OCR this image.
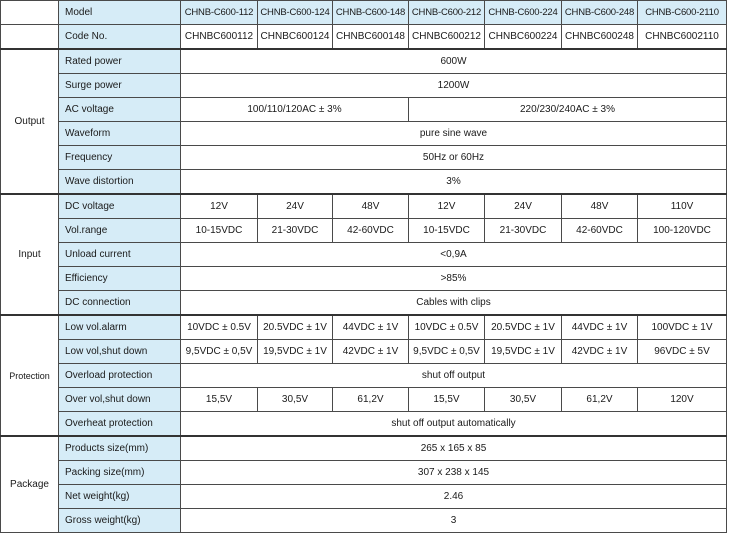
	Model	CHNB-C600-112	CHNB-C600-124	CHNB-C600-148	CHNB-C600-212	CHNB-C600-224	CHNB-C600-248	CHNB-C600-2110
	Code No.	CHNBC600112	CHNBC600124	CHNBC600148	CHNBC600212	CHNBC600224	CHNBC600248	CHNBC6002110
Output	Rated power	600W						
	Surge power	1200W						
	AC voltage	100/110/120AC ± 3%			220/230/240AC ± 3%			
	Waveform	pure sine wave						
	Frequency	50Hz or 60Hz						
	Wave distortion	3%						
Input	DC voltage	12V	24V	48V	12V	24V	48V	110V
	Vol.range	10-15VDC	21-30VDC	42-60VDC	10-15VDC	21-30VDC	42-60VDC	100-120VDC
	Unload current	<0,9A						
	Efficiency	>85%						
	DC connection	Cables with clips						
Protection	Low vol.alarm	10VDC ± 0.5V	20.5VDC ± 1V	44VDC ± 1V	10VDC ± 0.5V	20.5VDC ± 1V	44VDC ± 1V	100VDC ± 1V
	Low vol,shut down	9,5VDC ± 0,5V	19,5VDC ± 1V	42VDC ± 1V	9,5VDC ± 0,5V	19,5VDC ± 1V	42VDC ± 1V	96VDC ± 5V
	Overload protection	shut off output						
	Over vol,shut down	15,5V	30,5V	61,2V	15,5V	30,5V	61,2V	120V
	Overheat protection	shut off output automatically						
Package	Products size(mm)	265 x 165 x 85						
	Packing size(mm)	307 x 238 x 145						
	Net weight(kg)	2.46						
	Gross weight(kg)	3						
